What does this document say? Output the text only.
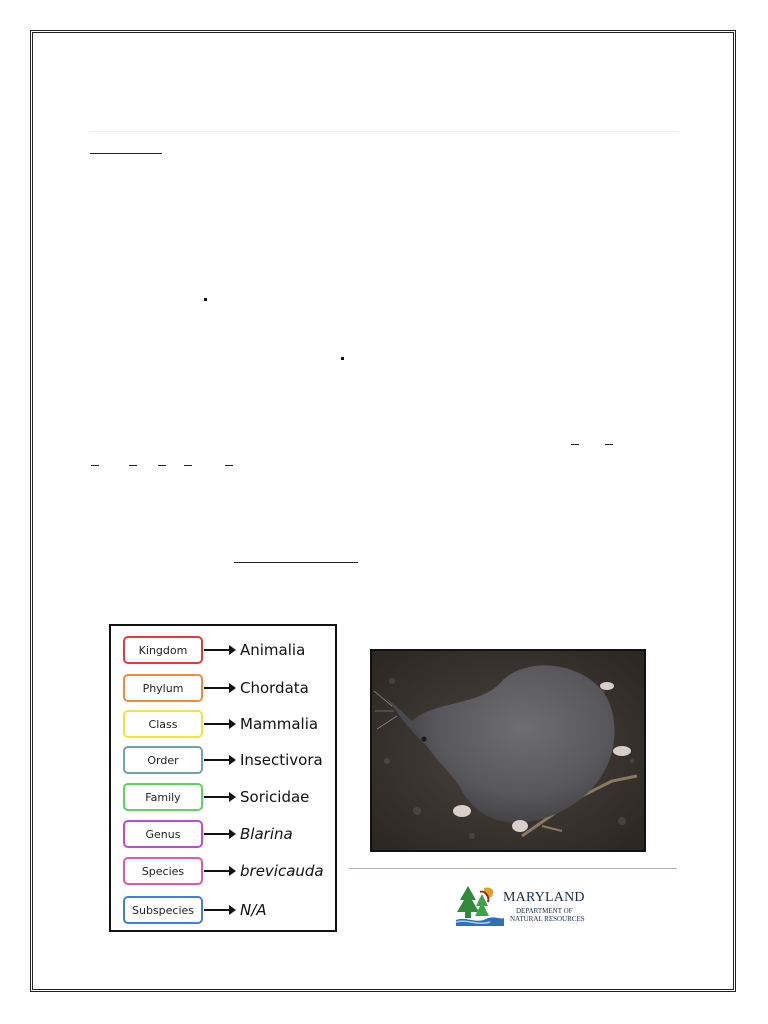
Kingdom	Animalia
Phylum	Chordata
Class	Mammalia
Order	Insectivora
Family	Soricidae
Genus	Blarina
Species	brevicauda
Subspecies	N/A
MARYLAND
DEPARTMENT OF
NATURAL RESOURCES
